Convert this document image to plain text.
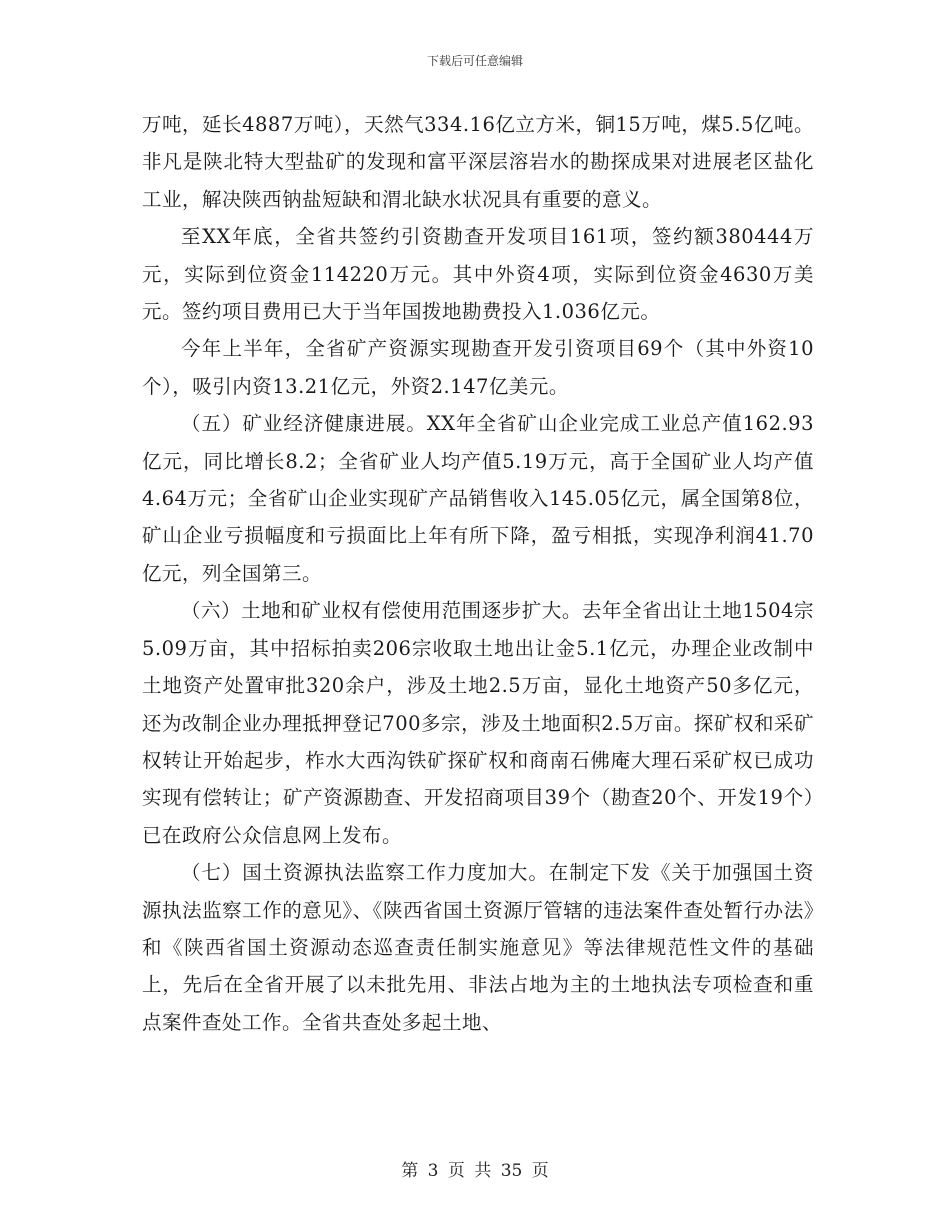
下载后可任意编辑

万吨，延长4887万吨），天然气334.16亿立方米，铜15万吨，煤5.5亿吨。非凡是陕北特大型盐矿的发现和富平深层溶岩水的勘探成果对进展老区盐化工业，解决陕西钠盐短缺和渭北缺水状况具有重要的意义。

至XX年底，全省共签约引资勘查开发项目161项，签约额380444万元，实际到位资金114220万元。其中外资4项，实际到位资金4630万美元。签约项目费用已大于当年国拨地勘费投入1.036亿元。

今年上半年，全省矿产资源实现勘查开发引资项目69个（其中外资10个），吸引内资13.21亿元，外资2.147亿美元。

（五）矿业经济健康进展。XX年全省矿山企业完成工业总产值162.93亿元，同比增长8.2；全省矿业人均产值5.19万元，高于全国矿业人均产值4.64万元；全省矿山企业实现矿产品销售收入145.05亿元，属全国第8位，矿山企业亏损幅度和亏损面比上年有所下降，盈亏相抵，实现净利润41.70亿元，列全国第三。

（六）土地和矿业权有偿使用范围逐步扩大。去年全省出让土地1504宗5.09万亩，其中招标拍卖206宗收取土地出让金5.1亿元，办理企业改制中土地资产处置审批320余户，涉及土地2.5万亩，显化土地资产50多亿元，还为改制企业办理抵押登记700多宗，涉及土地面积2.5万亩。探矿权和采矿权转让开始起步，柞水大西沟铁矿探矿权和商南石佛庵大理石采矿权已成功实现有偿转让；矿产资源勘查、开发招商项目39个（勘查20个、开发19个）已在政府公众信息网上发布。

（七）国土资源执法监察工作力度加大。在制定下发《关于加强国土资源执法监察工作的意见》、《陕西省国土资源厅管辖的违法案件查处暂行办法》和《陕西省国土资源动态巡查责任制实施意见》等法律规范性文件的基础上，先后在全省开展了以未批先用、非法占地为主的土地执法专项检查和重点案件查处工作。全省共查处多起土地、

第 3 页 共 35 页
